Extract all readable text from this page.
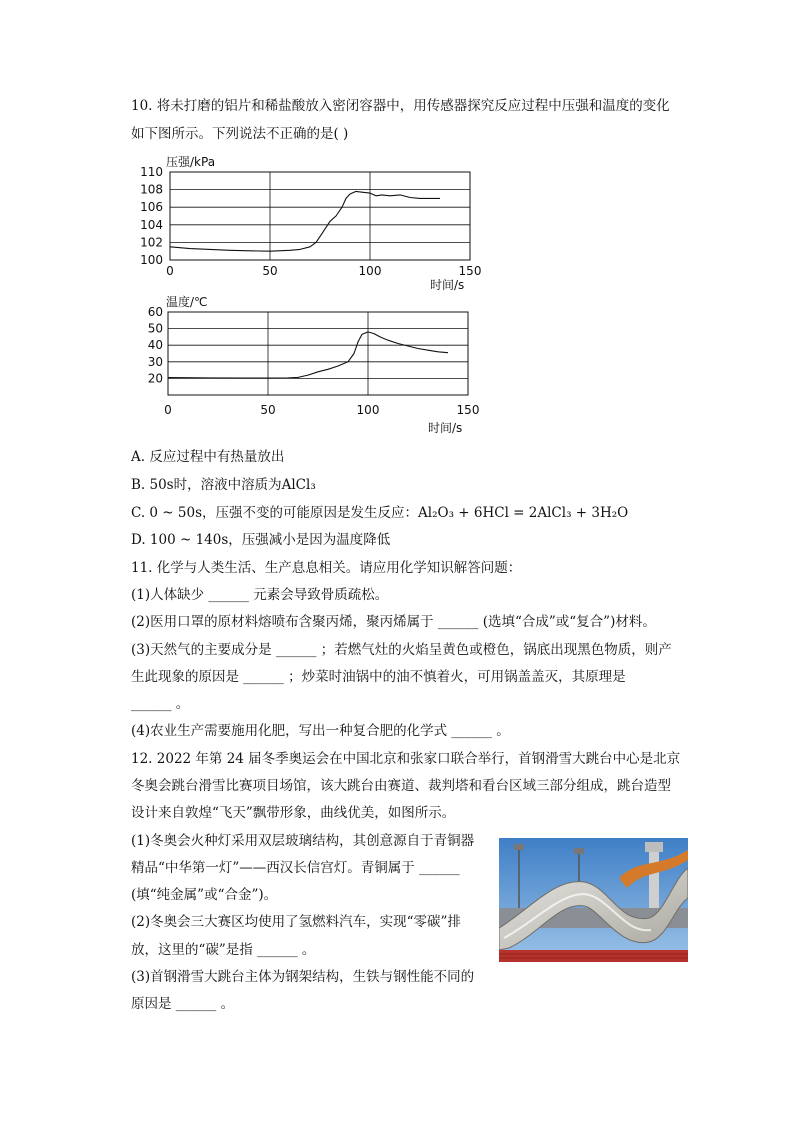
10. 将未打磨的铝片和稀盐酸放入密闭容器中，用传感器探究反应过程中压强和温度的变化
如下图所示。下列说法不正确的是( )
压强/kPa
时间/s
100
102
104
106
108
110
0	50	100	150
温度/℃
时间/s
20
30
40
50
60
0	50	100	150
A. 反应过程中有热量放出
B. 50s时，溶液中溶质为AlCl₃
C. 0 ~ 50s，压强不变的可能原因是发生反应：Al₂O₃ + 6HCl = 2AlCl₃ + 3H₂O
D. 100 ~ 140s，压强减小是因为温度降低
11. 化学与人类生活、生产息息相关。请应用化学知识解答问题：
(1)人体缺少 ______ 元素会导致骨质疏松。
(2)医用口罩的原材料熔喷布含聚丙烯，聚丙烯属于 ______ (选填“合成”或“复合”)材料。
(3)天然气的主要成分是 ______ ；若燃气灶的火焰呈黄色或橙色，锅底出现黑色物质，则产
生此现象的原因是 ______ ；炒菜时油锅中的油不慎着火，可用锅盖盖灭，其原理是
______ 。
(4)农业生产需要施用化肥，写出一种复合肥的化学式 ______ 。
12. 2022 年第 24 届冬季奥运会在中国北京和张家口联合举行，首钢滑雪大跳台中心是北京
冬奥会跳台滑雪比赛项目场馆，该大跳台由赛道、裁判塔和看台区域三部分组成，跳台造型
设计来自敦煌“飞天”飘带形象，曲线优美，如图所示。
(1)冬奥会火种灯采用双层玻璃结构，其创意源自于青铜器
精品“中华第一灯”——西汉长信宫灯。青铜属于 ______
(填“纯金属”或“合金”)。
(2)冬奥会三大赛区均使用了氢燃料汽车，实现“零碳”排
放，这里的“碳”是指 ______ 。
(3)首钢滑雪大跳台主体为钢架结构，生铁与钢性能不同的
原因是 ______ 。
